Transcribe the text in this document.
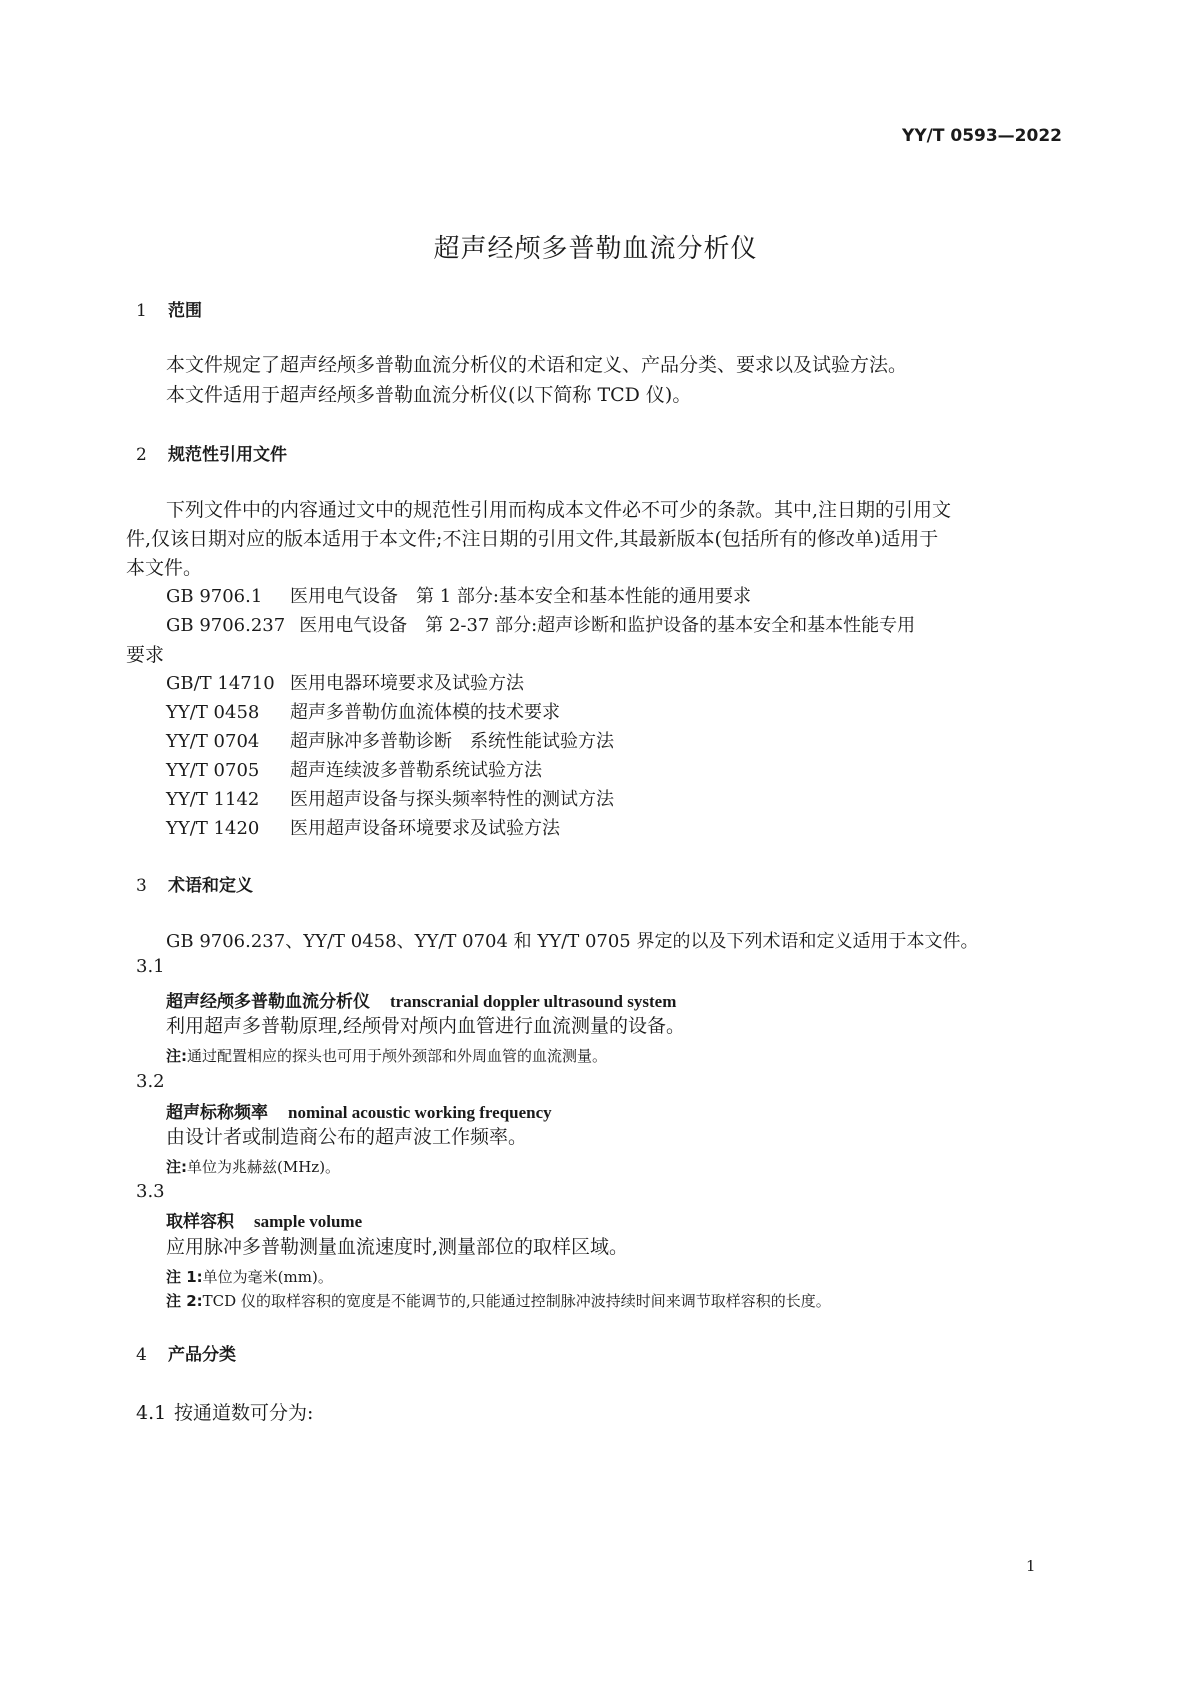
YY/T 0593—2022
超声经颅多普勒血流分析仪
1 范围
本文件规定了超声经颅多普勒血流分析仪的术语和定义、产品分类、要求以及试验方法。
本文件适用于超声经颅多普勒血流分析仪(以下简称 TCD 仪)。
2 规范性引用文件
下列文件中的内容通过文中的规范性引用而构成本文件必不可少的条款。其中,注日期的引用文
件,仅该日期对应的版本适用于本文件;不注日期的引用文件,其最新版本(包括所有的修改单)适用于
本文件。
GB 9706.1 医用电气设备　第 1 部分:基本安全和基本性能的通用要求
GB 9706.237 医用电气设备　第 2-37 部分:超声诊断和监护设备的基本安全和基本性能专用
要求
GB/T 14710 医用电器环境要求及试验方法
YY/T 0458 超声多普勒仿血流体模的技术要求
YY/T 0704 超声脉冲多普勒诊断　系统性能试验方法
YY/T 0705 超声连续波多普勒系统试验方法
YY/T 1142 医用超声设备与探头频率特性的测试方法
YY/T 1420 医用超声设备环境要求及试验方法
3 术语和定义
GB 9706.237、YY/T 0458、YY/T 0704 和 YY/T 0705 界定的以及下列术语和定义适用于本文件。
3.1
超声经颅多普勒血流分析仪 transcranial doppler ultrasound system
利用超声多普勒原理,经颅骨对颅内血管进行血流测量的设备。
注:通过配置相应的探头也可用于颅外颈部和外周血管的血流测量。
3.2
超声标称频率 nominal acoustic working frequency
由设计者或制造商公布的超声波工作频率。
注:单位为兆赫兹(MHz)。
3.3
取样容积 sample volume
应用脉冲多普勒测量血流速度时,测量部位的取样区域。
注 1:单位为毫米(mm)。
注 2:TCD 仪的取样容积的宽度是不能调节的,只能通过控制脉冲波持续时间来调节取样容积的长度。
4 产品分类
4.1 按通道数可分为:
1
